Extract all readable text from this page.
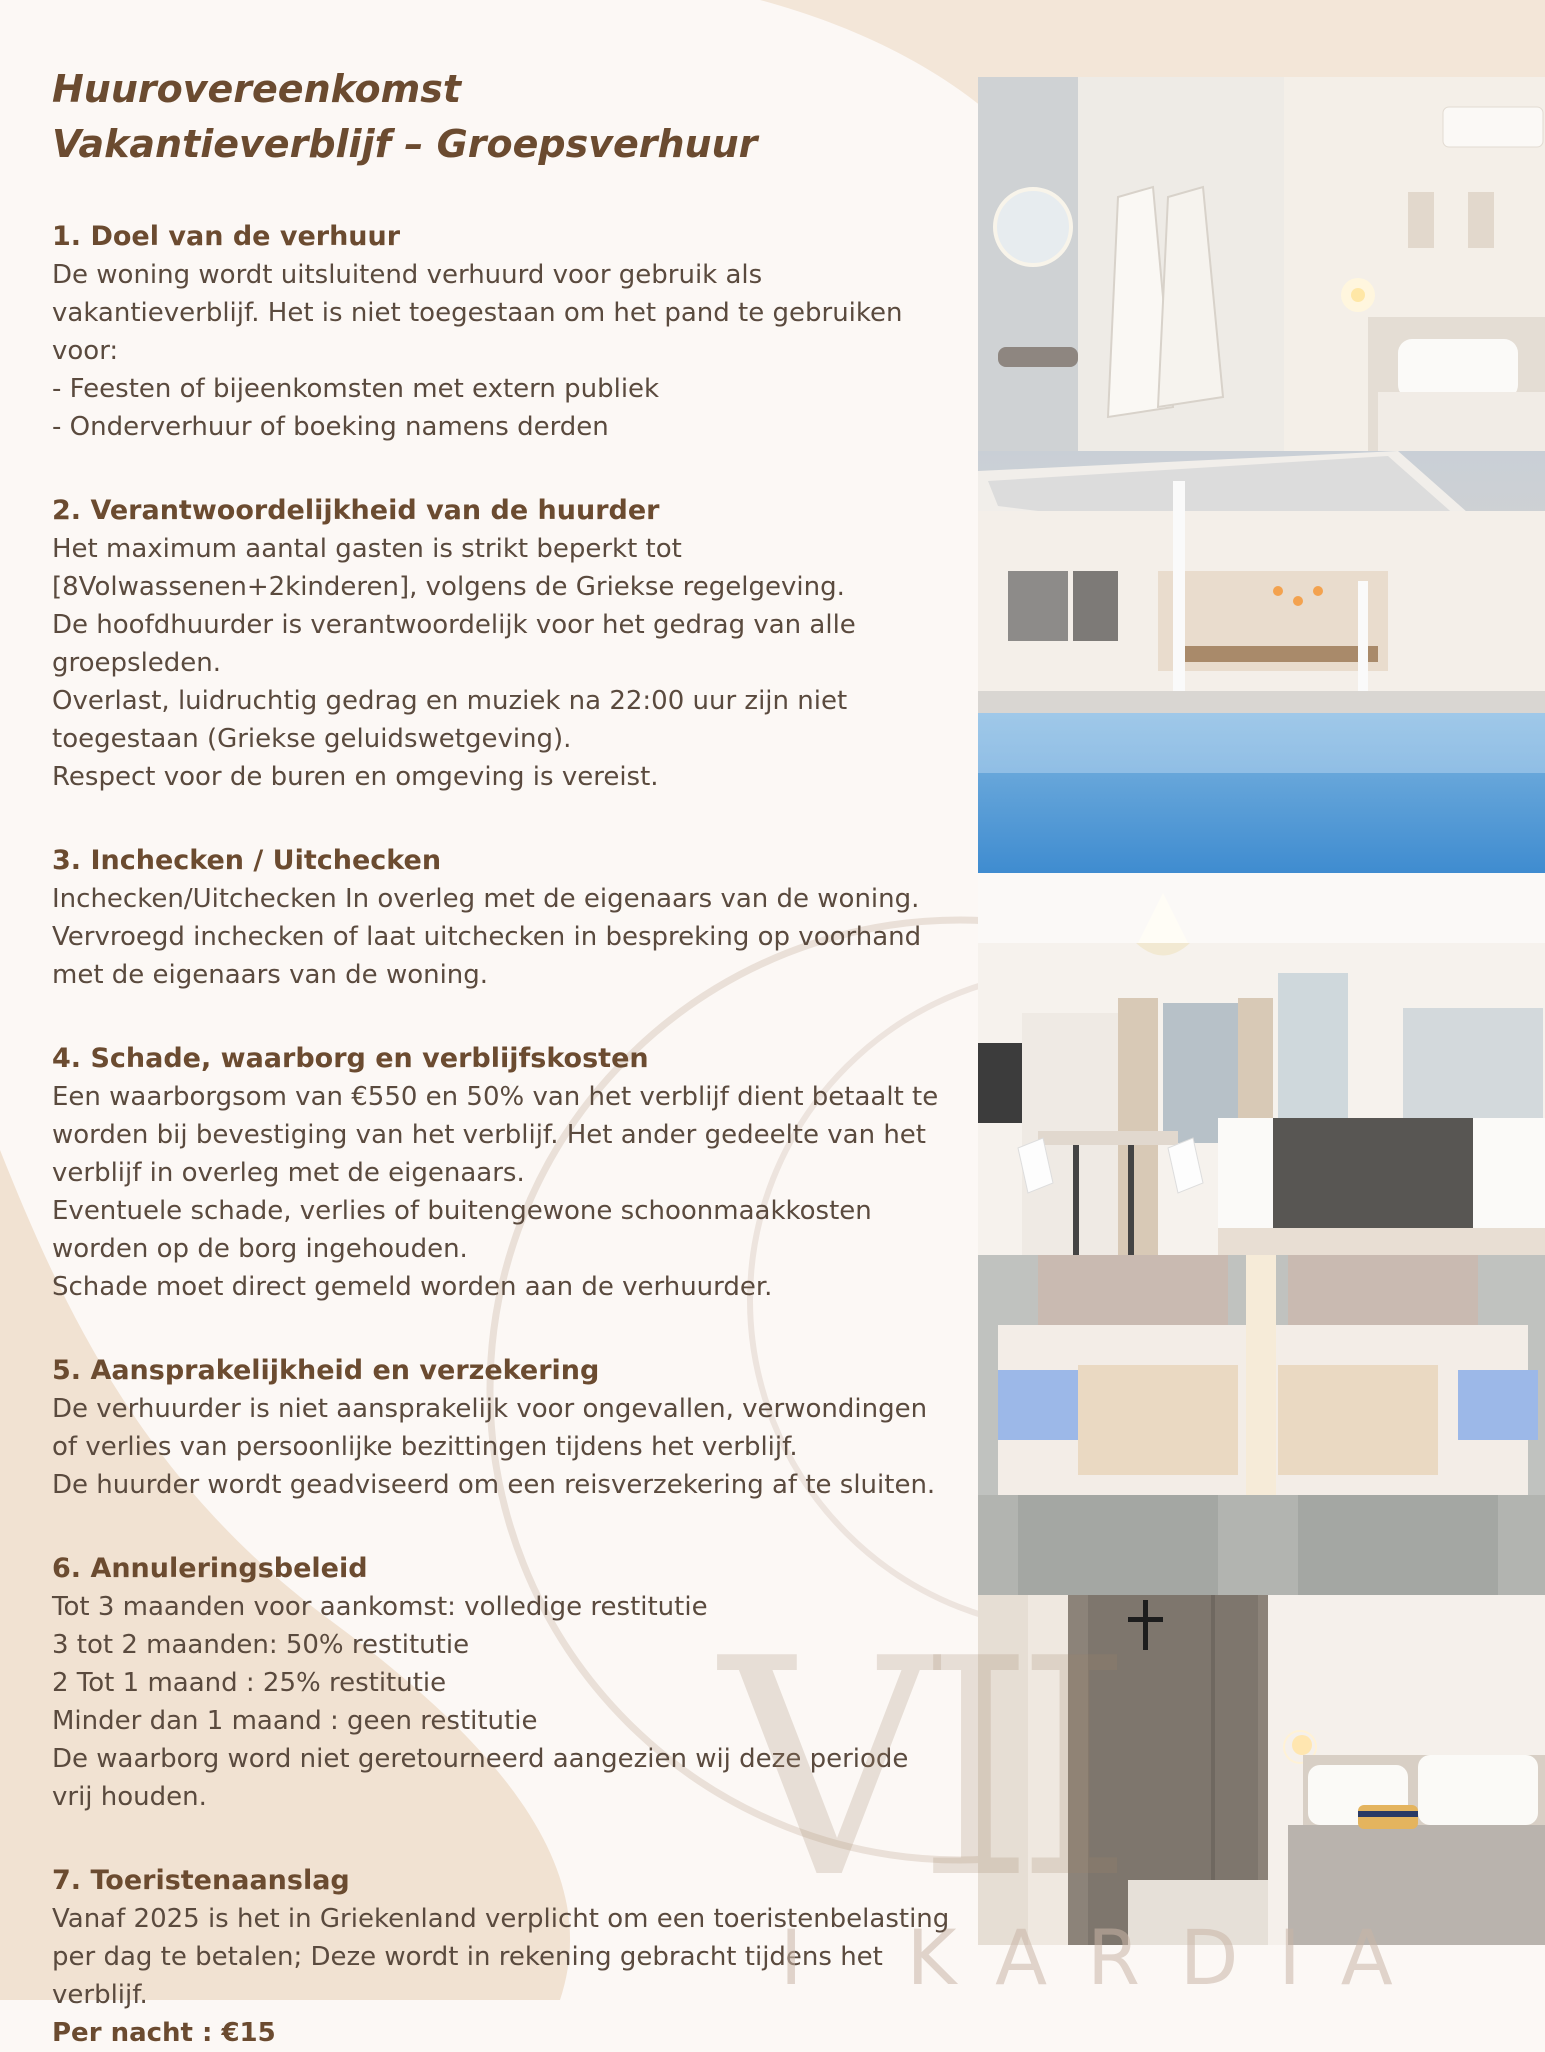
Huurovereenkomst
Vakantieverblijf – Groepsverhuur
1. Doel van de verhuur
De woning wordt uitsluitend verhuurd voor gebruik als
vakantieverblijf. Het is niet toegestaan om het pand te gebruiken
voor:
- Feesten of bijeenkomsten met extern publiek
- Onderverhuur of boeking namens derden
2. Verantwoordelijkheid van de huurder
Het maximum aantal gasten is strikt beperkt tot
[8Volwassenen+2kinderen], volgens de Griekse regelgeving.
De hoofdhuurder is verantwoordelijk voor het gedrag van alle
groepsleden.
Overlast, luidruchtig gedrag en muziek na 22:00 uur zijn niet
toegestaan (Griekse geluidswetgeving).
Respect voor de buren en omgeving is vereist.
3. Inchecken / Uitchecken
Inchecken/Uitchecken In overleg met de eigenaars van de woning.
Vervroegd inchecken of laat uitchecken in bespreking op voorhand
met de eigenaars van de woning.
4. Schade, waarborg en verblijfskosten
Een waarborgsom van €550 en 50% van het verblijf dient betaalt te
worden bij bevestiging van het verblijf. Het ander gedeelte van het
verblijf in overleg met de eigenaars.
Eventuele schade, verlies of buitengewone schoonmaakkosten
worden op de borg ingehouden.
Schade moet direct gemeld worden aan de verhuurder.
5. Aansprakelijkheid en verzekering
De verhuurder is niet aansprakelijk voor ongevallen, verwondingen
of verlies van persoonlijke bezittingen tijdens het verblijf.
De huurder wordt geadviseerd om een reisverzekering af te sluiten.
6. Annuleringsbeleid
Tot 3 maanden voor aankomst: volledige restitutie
3 tot 2 maanden: 50% restitutie
2 Tot 1 maand : 25% restitutie
Minder dan 1 maand : geen restitutie
De waarborg word niet geretourneerd aangezien wij deze periode
vrij houden.
7. Toeristenaanslag
Vanaf 2025 is het in Griekenland verplicht om een toeristenbelasting
per dag te betalen; Deze wordt in rekening gebracht tijdens het
verblijf.
Per nacht : €15
VII
I KARDIA
